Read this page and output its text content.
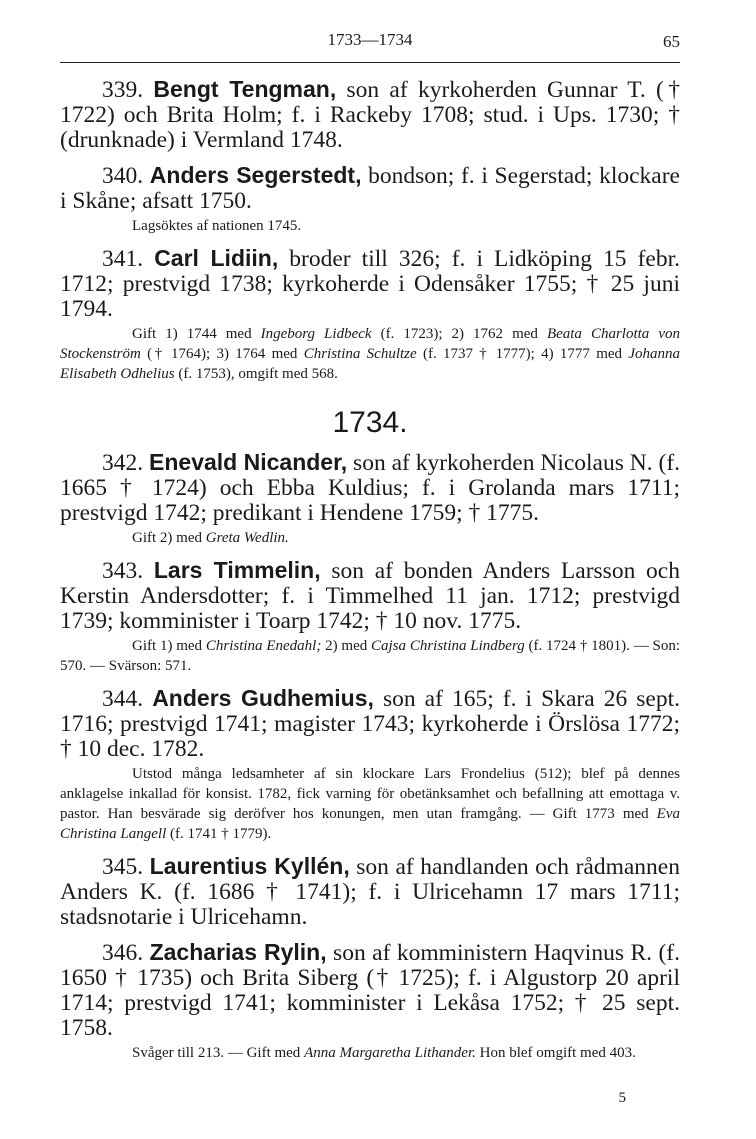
1733—1734	65
339. Bengt Tengman, son af kyrkoherden Gunnar T. († 1722) och Brita Holm; f. i Rackeby 1708; stud. i Ups. 1730; † (drunknade) i Vermland 1748.
340. Anders Segerstedt, bondson; f. i Segerstad; klockare i Skåne; afsatt 1750.
Lagsöktes af nationen 1745.
341. Carl Lidiin, broder till 326; f. i Lidköping 15 febr. 1712; prestvigd 1738; kyrkoherde i Odensåker 1755; † 25 juni 1794.
Gift 1) 1744 med Ingeborg Lidbeck (f. 1723); 2) 1762 med Beata Charlotta von Stockenström († 1764); 3) 1764 med Christina Schultze (f. 1737 † 1777); 4) 1777 med Johanna Elisabeth Odhelius (f. 1753), omgift med 568.
1734.
342. Enevald Nicander, son af kyrkoherden Nicolaus N. (f. 1665 † 1724) och Ebba Kuldius; f. i Grolanda mars 1711; prestvigd 1742; predikant i Hendene 1759; † 1775.
Gift 2) med Greta Wedlin.
343. Lars Timmelin, son af bonden Anders Larsson och Kerstin Andersdotter; f. i Timmelhed 11 jan. 1712; prestvigd 1739; komminister i Toarp 1742; † 10 nov. 1775.
Gift 1) med Christina Enedahl; 2) med Cajsa Christina Lindberg (f. 1724 † 1801). — Son: 570. — Svärson: 571.
344. Anders Gudhemius, son af 165; f. i Skara 26 sept. 1716; prestvigd 1741; magister 1743; kyrkoherde i Örslösa 1772; † 10 dec. 1782.
Utstod många ledsamheter af sin klockare Lars Frondelius (512); blef på dennes anklagelse inkallad för konsist. 1782, fick varning för obetänksamhet och befallning att emottaga v. pastor. Han besvärade sig deröfver hos konungen, men utan framgång. — Gift 1773 med Eva Christina Langell (f. 1741 † 1779).
345. Laurentius Kyllén, son af handlanden och rådmannen Anders K. (f. 1686 † 1741); f. i Ulricehamn 17 mars 1711; stadsnotarie i Ulricehamn.
346. Zacharias Rylin, son af komministern Haqvinus R. (f. 1650 † 1735) och Brita Siberg († 1725); f. i Algustorp 20 april 1714; prestvigd 1741; komminister i Lekåsa 1752; † 25 sept. 1758.
Svåger till 213. — Gift med Anna Margaretha Lithander. Hon blef omgift med 403.
5
